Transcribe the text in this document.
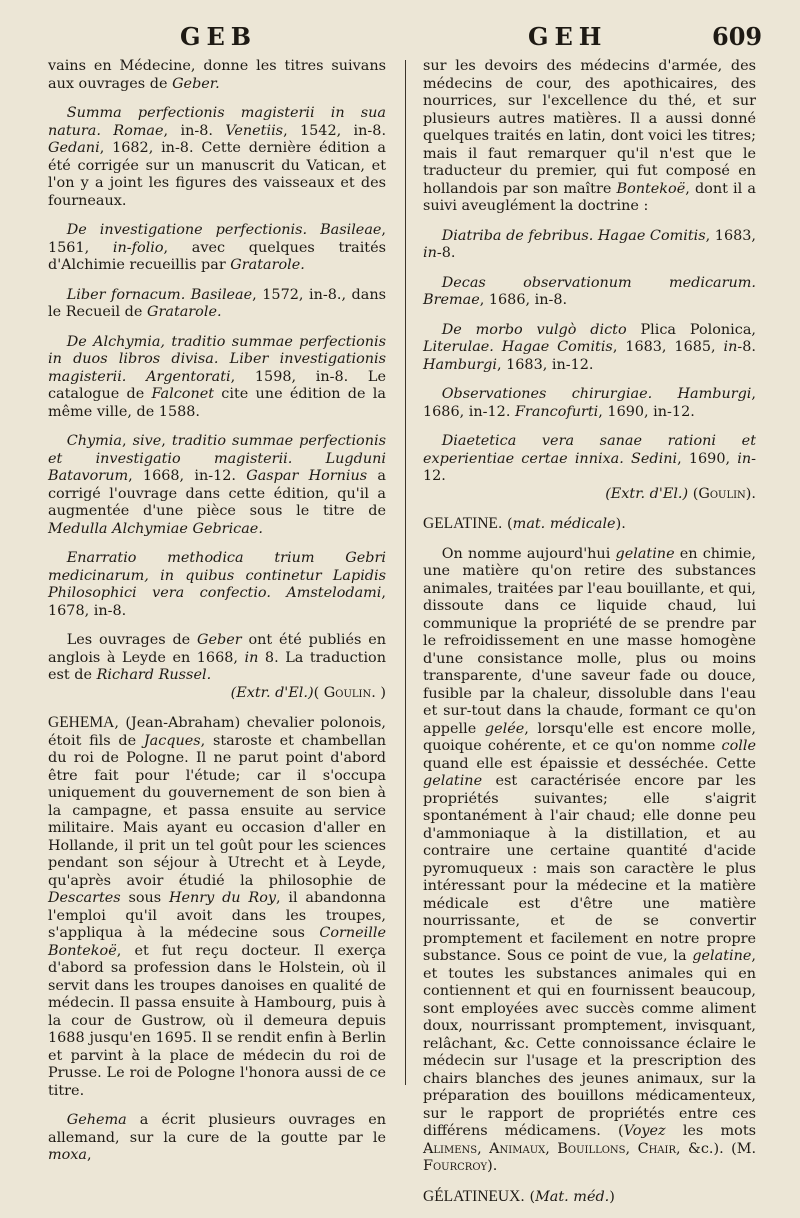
GEB	GEH	609

vains en Médecine, donne les titres suivans aux ouvrages de Geber.

Summa perfectionis magisterii in sua natura. Romae, in-8. Venetiis, 1542, in-8. Gedani, 1682, in-8. Cette dernière édition a été corrigée sur un manuscrit du Vatican, et l'on y a joint les figures des vaisseaux et des fourneaux.

De investigatione perfectionis. Basileae, 1561, in-folio, avec quelques traités d'Alchimie recueillis par Gratarole.

Liber fornacum. Basileae, 1572, in-8., dans le Recueil de Gratarole.

De Alchymia, traditio summae perfectionis in duos libros divisa. Liber investigationis magisterii. Argentorati, 1598, in-8. Le catalogue de Falconet cite une édition de la même ville, de 1588.

Chymia, sive, traditio summae perfectionis et investigatio magisterii. Lugduni Batavorum, 1668, in-12. Gaspar Hornius a corrigé l'ouvrage dans cette édition, qu'il a augmentée d'une pièce sous le titre de Medulla Alchymiae Gebricae.

Enarratio methodica trium Gebri medicinarum, in quibus continetur Lapidis Philosophici vera confectio. Amstelodami, 1678, in-8.

Les ouvrages de Geber ont été publiés en anglois à Leyde en 1668, in 8. La traduction est de Richard Russel.

(Extr. d'El.)( Goulin. )

GEHEMA, (Jean-Abraham) chevalier polonois, étoit fils de Jacques, staroste et chambellan du roi de Pologne. Il ne parut point d'abord être fait pour l'étude; car il s'occupa uniquement du gouvernement de son bien à la campagne, et passa ensuite au service militaire. Mais ayant eu occasion d'aller en Hollande, il prit un tel goût pour les sciences pendant son séjour à Utrecht et à Leyde, qu'après avoir étudié la philosophie de Descartes sous Henry du Roy, il abandonna l'emploi qu'il avoit dans les troupes, s'appliqua à la médecine sous Corneille Bontekoë, et fut reçu docteur. Il exerça d'abord sa profession dans le Holstein, où il servit dans les troupes danoises en qualité de médecin. Il passa ensuite à Hambourg, puis à la cour de Gustrow, où il demeura depuis 1688 jusqu'en 1695. Il se rendit enfin à Berlin et parvint à la place de médecin du roi de Prusse. Le roi de Pologne l'honora aussi de ce titre.

Gehema a écrit plusieurs ouvrages en allemand, sur la cure de la goutte par le moxa,

sur les devoirs des médecins d'armée, des médecins de cour, des apothicaires, des nourrices, sur l'excellence du thé, et sur plusieurs autres matières. Il a aussi donné quelques traités en latin, dont voici les titres; mais il faut remarquer qu'il n'est que le traducteur du premier, qui fut composé en hollandois par son maître Bontekoë, dont il a suivi aveuglément la doctrine :

Diatriba de febribus. Hagae Comitis, 1683, in-8.

Decas observationum medicarum. Bremae, 1686, in-8.

De morbo vulgò dicto Plica Polonica, Literulae. Hagae Comitis, 1683, 1685, in-8. Hamburgi, 1683, in-12.

Observationes chirurgiae. Hamburgi, 1686, in-12. Francofurti, 1690, in-12.

Diaetetica vera sanae rationi et experientiae certae innixa. Sedini, 1690, in-12.

(Extr. d'El.) (Goulin).

GELATINE. (mat. médicale).

On nomme aujourd'hui gelatine en chimie, une matière qu'on retire des substances animales, traitées par l'eau bouillante, et qui, dissoute dans ce liquide chaud, lui communique la propriété de se prendre par le refroidissement en une masse homogène d'une consistance molle, plus ou moins transparente, d'une saveur fade ou douce, fusible par la chaleur, dissoluble dans l'eau et sur-tout dans la chaude, formant ce qu'on appelle gelée, lorsqu'elle est encore molle, quoique cohérente, et ce qu'on nomme colle quand elle est épaissie et desséchée. Cette gelatine est caractérisée encore par les propriétés suivantes; elle s'aigrit spontanément à l'air chaud; elle donne peu d'ammoniaque à la distillation, et au contraire une certaine quantité d'acide pyromuqueux : mais son caractère le plus intéressant pour la médecine et la matière médicale est d'être une matière nourrissante, et de se convertir promptement et facilement en notre propre substance. Sous ce point de vue, la gelatine, et toutes les substances animales qui en contiennent et qui en fournissent beaucoup, sont employées avec succès comme aliment doux, nourrissant promptement, invisquant, relâchant, &c. Cette connoissance éclaire le médecin sur l'usage et la prescription des chairs blanches des jeunes animaux, sur la préparation des bouillons médicamenteux, sur le rapport de propriétés entre ces différens médicamens. (Voyez les mots Alimens, Animaux, Bouillons, Chair, &c.). (M. Fourcroy).

GÉLATINEUX. (Mat. méd.)
